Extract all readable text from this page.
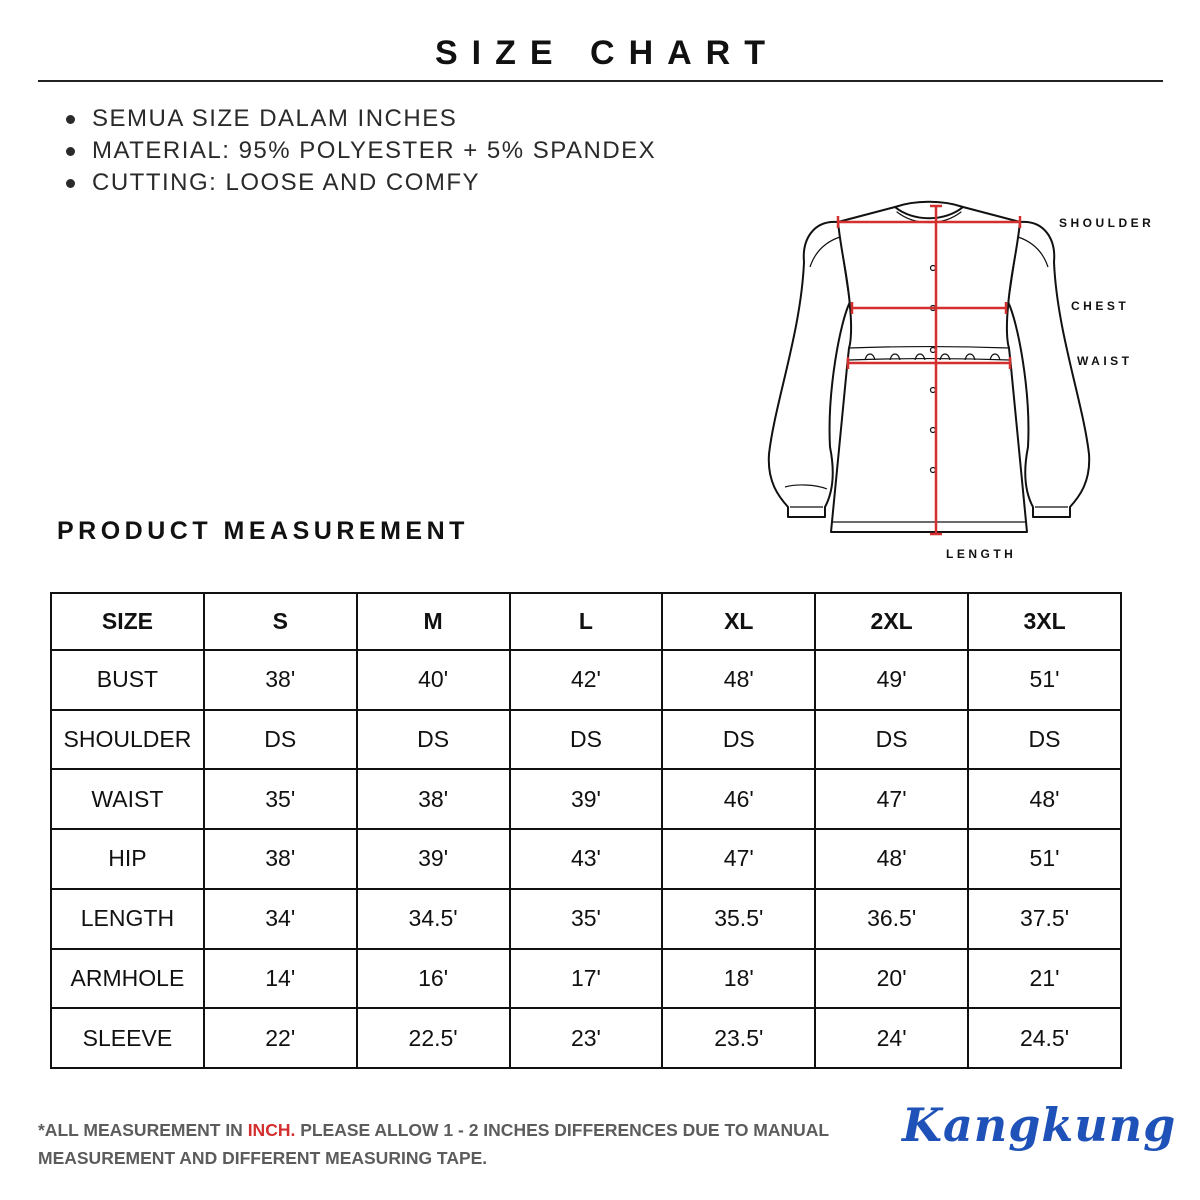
SIZE CHART
SEMUA SIZE DALAM INCHES
MATERIAL: 95% POLYESTER + 5% SPANDEX
CUTTING: LOOSE AND COMFY
SHOULDER
CHEST
WAIST
LENGTH
PRODUCT MEASUREMENT
SIZE	S	M	L	XL	2XL	3XL
BUST	38'	40'	42'	48'	49'	51'
SHOULDER	DS	DS	DS	DS	DS	DS
WAIST	35'	38'	39'	46'	47'	48'
HIP	38'	39'	43'	47'	48'	51'
LENGTH	34'	34.5'	35'	35.5'	36.5'	37.5'
ARMHOLE	14'	16'	17'	18'	20'	21'
SLEEVE	22'	22.5'	23'	23.5'	24'	24.5'
*ALL MEASUREMENT IN INCH. PLEASE ALLOW 1 - 2 INCHES DIFFERENCES DUE TO MANUAL MEASUREMENT AND DIFFERENT MEASURING TAPE.
Kangkung
